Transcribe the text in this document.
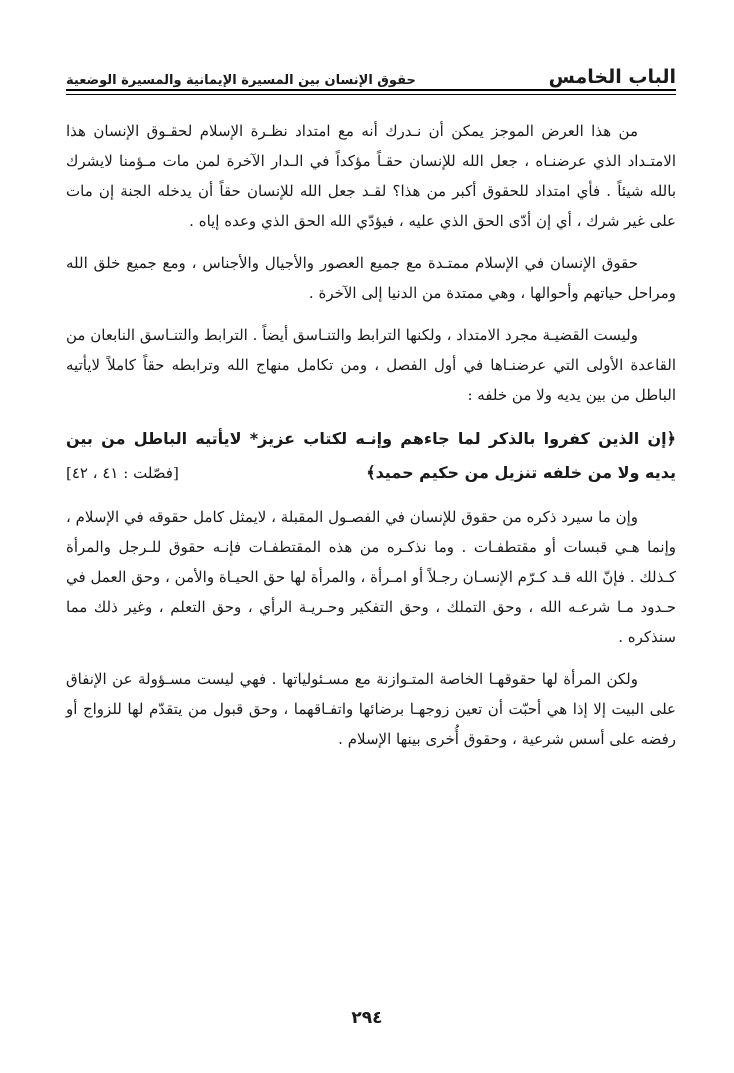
الباب الخامس
حقوق الإنسان بين المسيرة الإيمانية والمسيرة الوضعية

من هذا العرض الموجز يمكن أن نـدرك أنه مع امتداد نظـرة الإسلام لحقـوق الإنسان هذا الامتـداد الذي عرضنـاه ، جعل الله للإنسان حقـاً مؤكداً في الـدار الآخرة لمن مات مـؤمنا لايشرك بالله شيئاً . فأي امتداد للحقوق أكبر من هذا؟ لقـد جعل الله للإنسان حقاً أن يدخله الجنة إن مات على غير شرك ، أي إن أدّى الحق الذي عليه ، فيؤدّي الله الحق الذي وعده إياه .

حقوق الإنسان في الإسلام ممتـدة مع جميع العصور والأجيال والأجناس ، ومع جميع خلق الله ومراحل حياتهم وأحوالها ، وهي ممتدة من الدنيا إلى الآخرة .

وليست القضيـة مجرد الامتداد ، ولكنها الترابط والتنـاسق أيضاً . الترابط والتنـاسق النابعان من القاعدة الأولى التي عرضنـاها في أول الفصل ، ومن تكامل منهاج الله وترابطه حقاً كاملاً لايأتيه الباطل من بين يديه ولا من خلفه :

﴿إن الذين كفروا بالذكر لما جاءهم وإنـه لكتاب عزيز* لايأتيه الباطل من بين يديه ولا من خلفه تنزيل من حكيم حميد﴾
[فصّلت : ٤١ ، ٤٢]

وإن ما سيرد ذكره من حقوق للإنسان في الفصـول المقبلة ، لايمثل كامل حقوقه في الإسلام ، وإنما هـي قبسات أو مقتطفـات . وما نذكـره من هذه المقتطفـات فإنـه حقوق للـرجل والمرأة كـذلك . فإنّ الله قـد كـرّم الإنسـان رجـلاً أو امـرأة ، والمرأة لها حق الحيـاة والأمن ، وحق العمل في حـدود مـا شرعـه الله ، وحق التملك ، وحق التفكير وحـريـة الرأي ، وحق التعلم ، وغير ذلك مما سنذكره .

ولكن المرأة لها حقوقهـا الخاصة المتـوازنة مع مسـئولياتها . فهي ليست مسـؤولة عن الإنفاق على البيت إلا إذا هي أحبّت أن تعين زوجهـا برضائها واتفـاقهما ، وحق قبول من يتقدّم لها للزواج أو رفضه على أسس شرعية ، وحقوق أُخرى بينها الإسلام .

٢٩٤
